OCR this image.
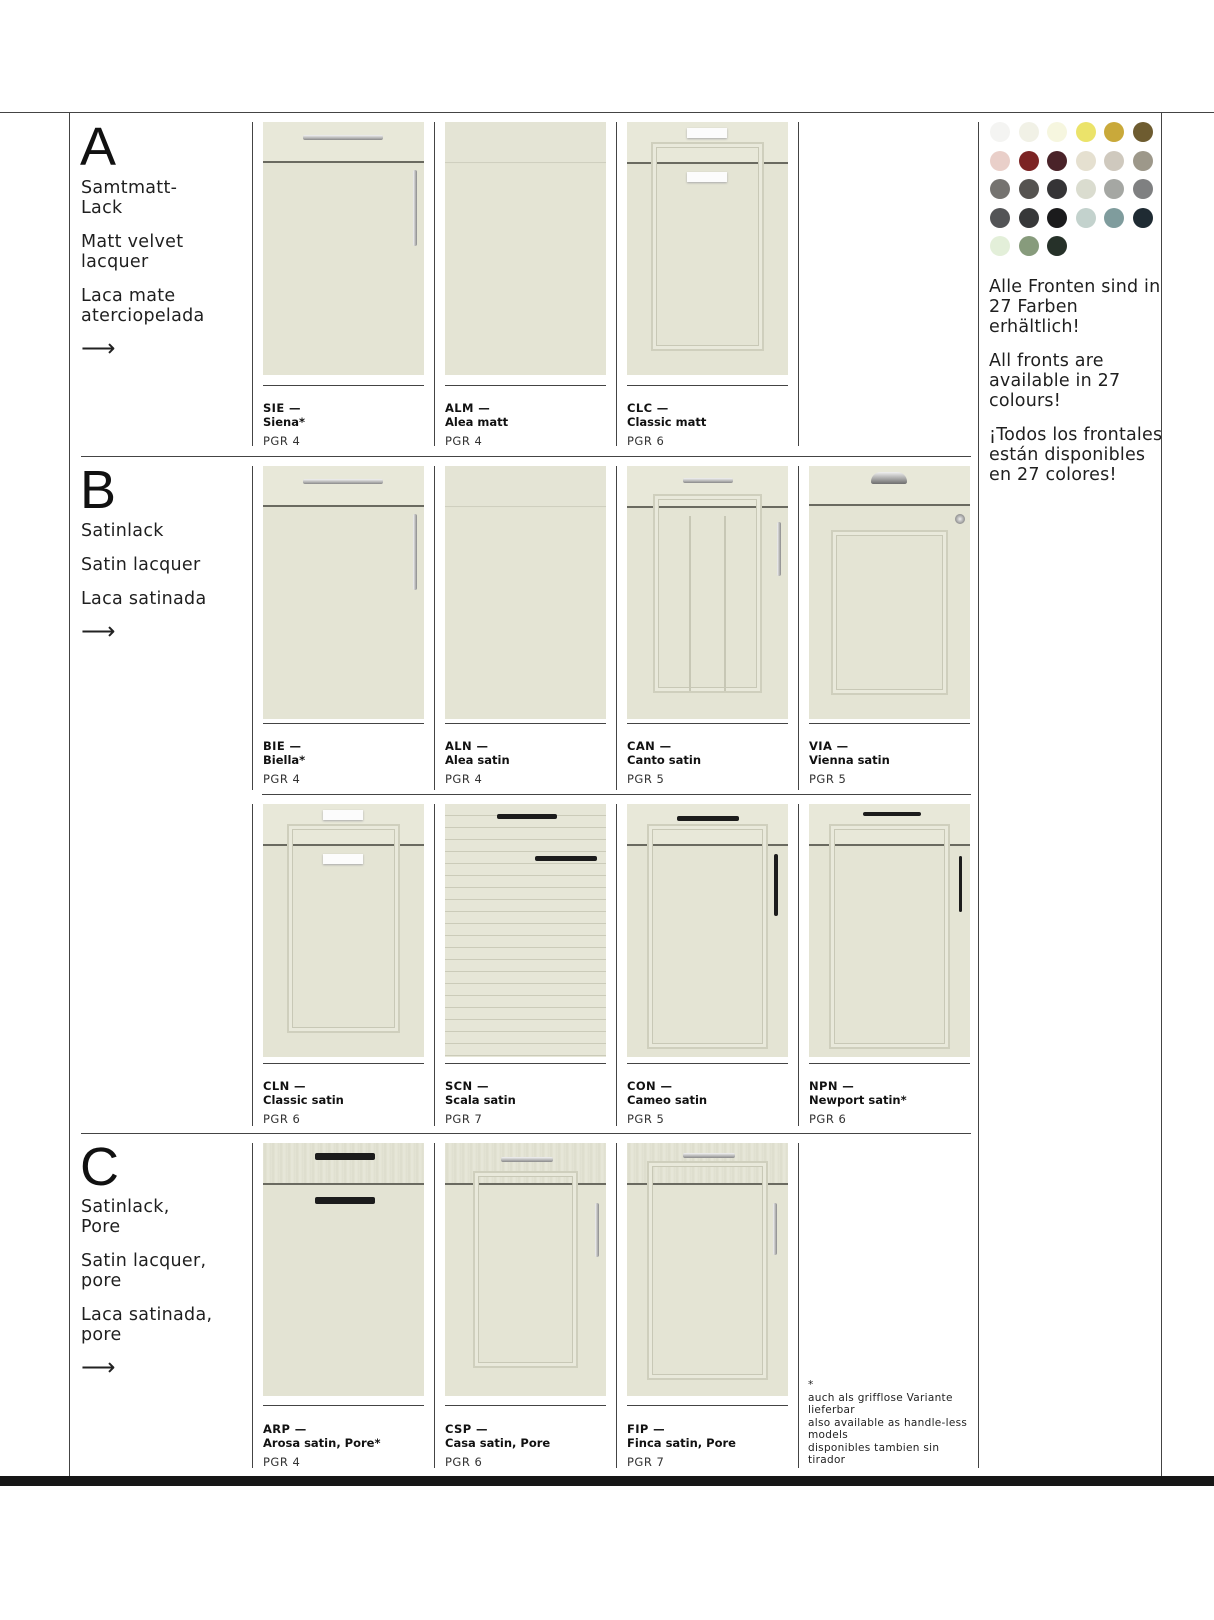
A

Samtmatt-
Lack

Matt velvet lacquer

Laca mate aterciopelada

⟶
B

Satinlack

Satin lacquer

Laca satinada

⟶
C

Satinlack,
Pore

Satin lacquer,
pore

Laca satinada,
pore

⟶
SIE —
Siena*
PGR 4
ALM —
Alea matt
PGR 4
CLC —
Classic matt
PGR 6
BIE —
Biella*
PGR 4
ALN —
Alea satin
PGR 4
CAN —
Canto satin
PGR 5
VIA —
Vienna satin
PGR 5
CLN —
Classic satin
PGR 6
SCN —
Scala satin
PGR 7
CON —
Cameo satin
PGR 5
NPN —
Newport satin*
PGR 6
ARP —
Arosa satin, Pore*
PGR 4
CSP —
Casa satin, Pore
PGR 6
FIP —
Finca satin, Pore
PGR 7
*
auch als grifflose Variante lieferbar
also available as handle-less models
disponibles tambien sin tirador

Alle Fronten sind in 27 Farben erhältlich!

All fronts are available in 27 colours!

¡Todos los frontales están disponibles en 27 colores!
